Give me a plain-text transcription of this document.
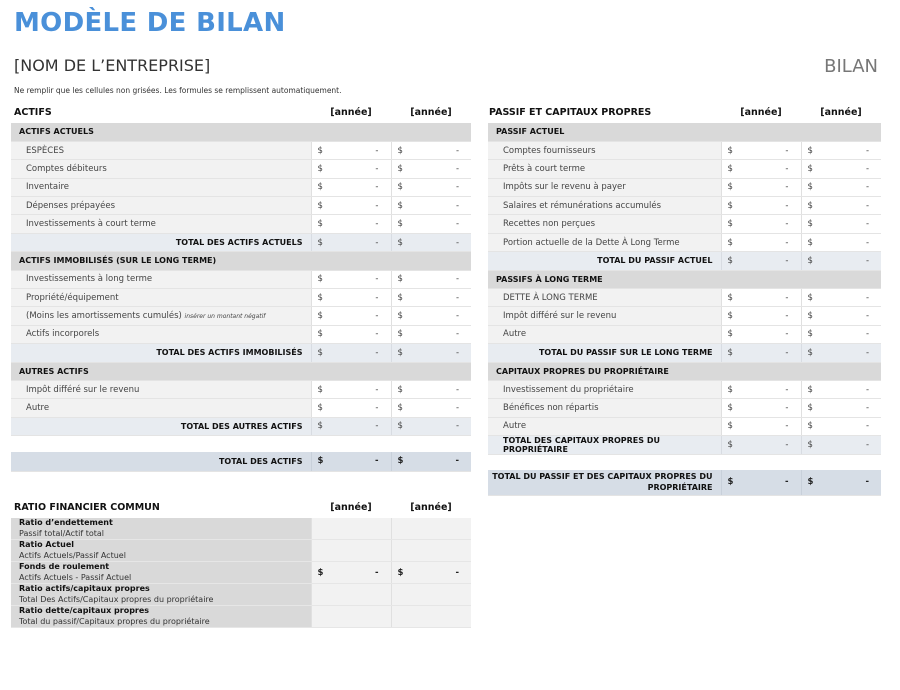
MODÈLE DE BILAN
[NOM DE L’ENTREPRISE]	BILAN
Ne remplir que les cellules non grisées. Les formules se remplissent automatiquement.
ACTIFS	[année]	[année]
ACTIFS ACTUELS		
ESPÈCES	$ -	$ -

Comptes débiteurs	$ -	$ -

Inventaire	$ -	$ -

Dépenses prépayées	$ -	$ -

Investissements à court terme	$ -	$ -

TOTAL DES ACTIFS ACTUELS	$ -	$ -

ACTIFS IMMOBILISÉS (SUR LE LONG TERME)		
Investissements à long terme	$ -	$ -

Propriété/équipement	$ -	$ -

(Moins les amortissements cumulés) insérer un montant négatif	$ -	$ -

Actifs incorporels	$ -	$ -

TOTAL DES ACTIFS IMMOBILISÉS	$ -	$ -

AUTRES ACTIFS		
Impôt différé sur le revenu	$ -	$ -

Autre	$ -	$ -

TOTAL DES AUTRES ACTIFS	$ -	$ -
TOTAL DES ACTIFS	$	-	$	-
PASSIF ET CAPITAUX PROPRES	[année]	[année]
PASSIF ACTUEL		
Comptes fournisseurs	$ -	$ -

Prêts à court terme	$ -	$ -

Impôts sur le revenu à payer	$ -	$ -

Salaires et rémunérations accumulés	$ -	$ -

Recettes non perçues	$ -	$ -

Portion actuelle de la Dette À Long Terme	$ -	$ -

TOTAL DU PASSIF ACTUEL	$ -	$ -

PASSIFS À LONG TERME		
DETTE À LONG TERME	$ -	$ -

Impôt différé sur le revenu	$ -	$ -

Autre	$ -	$ -

TOTAL DU PASSIF SUR LE LONG TERME	$ -	$ -

CAPITAUX PROPRES DU PROPRIÉTAIRE		
Investissement du propriétaire	$ -	$ -

Bénéfices non répartis	$ -	$ -

Autre	$ -	$ -

TOTAL DES CAPITAUX PROPRES DU PROPRIÉTAIRE	$ -	$ -
TOTAL DU PASSIF ET DES CAPITAUX PROPRES DU
PROPRIÉTAIRE	
$	-	$	-
RATIO FINANCIER COMMUN	[année]	[année]
Ratio d’endettement
Passif total/Actif total		

Ratio Actuel
Actifs Actuels/Passif Actuel		

Fonds de roulement
Actifs Actuels - Passif Actuel	$ -	$ -

Ratio actifs/capitaux propres
Total Des Actifs/Capitaux propres du propriétaire		

Ratio dette/capitaux propres
Total du passif/Capitaux propres du propriétaire		
